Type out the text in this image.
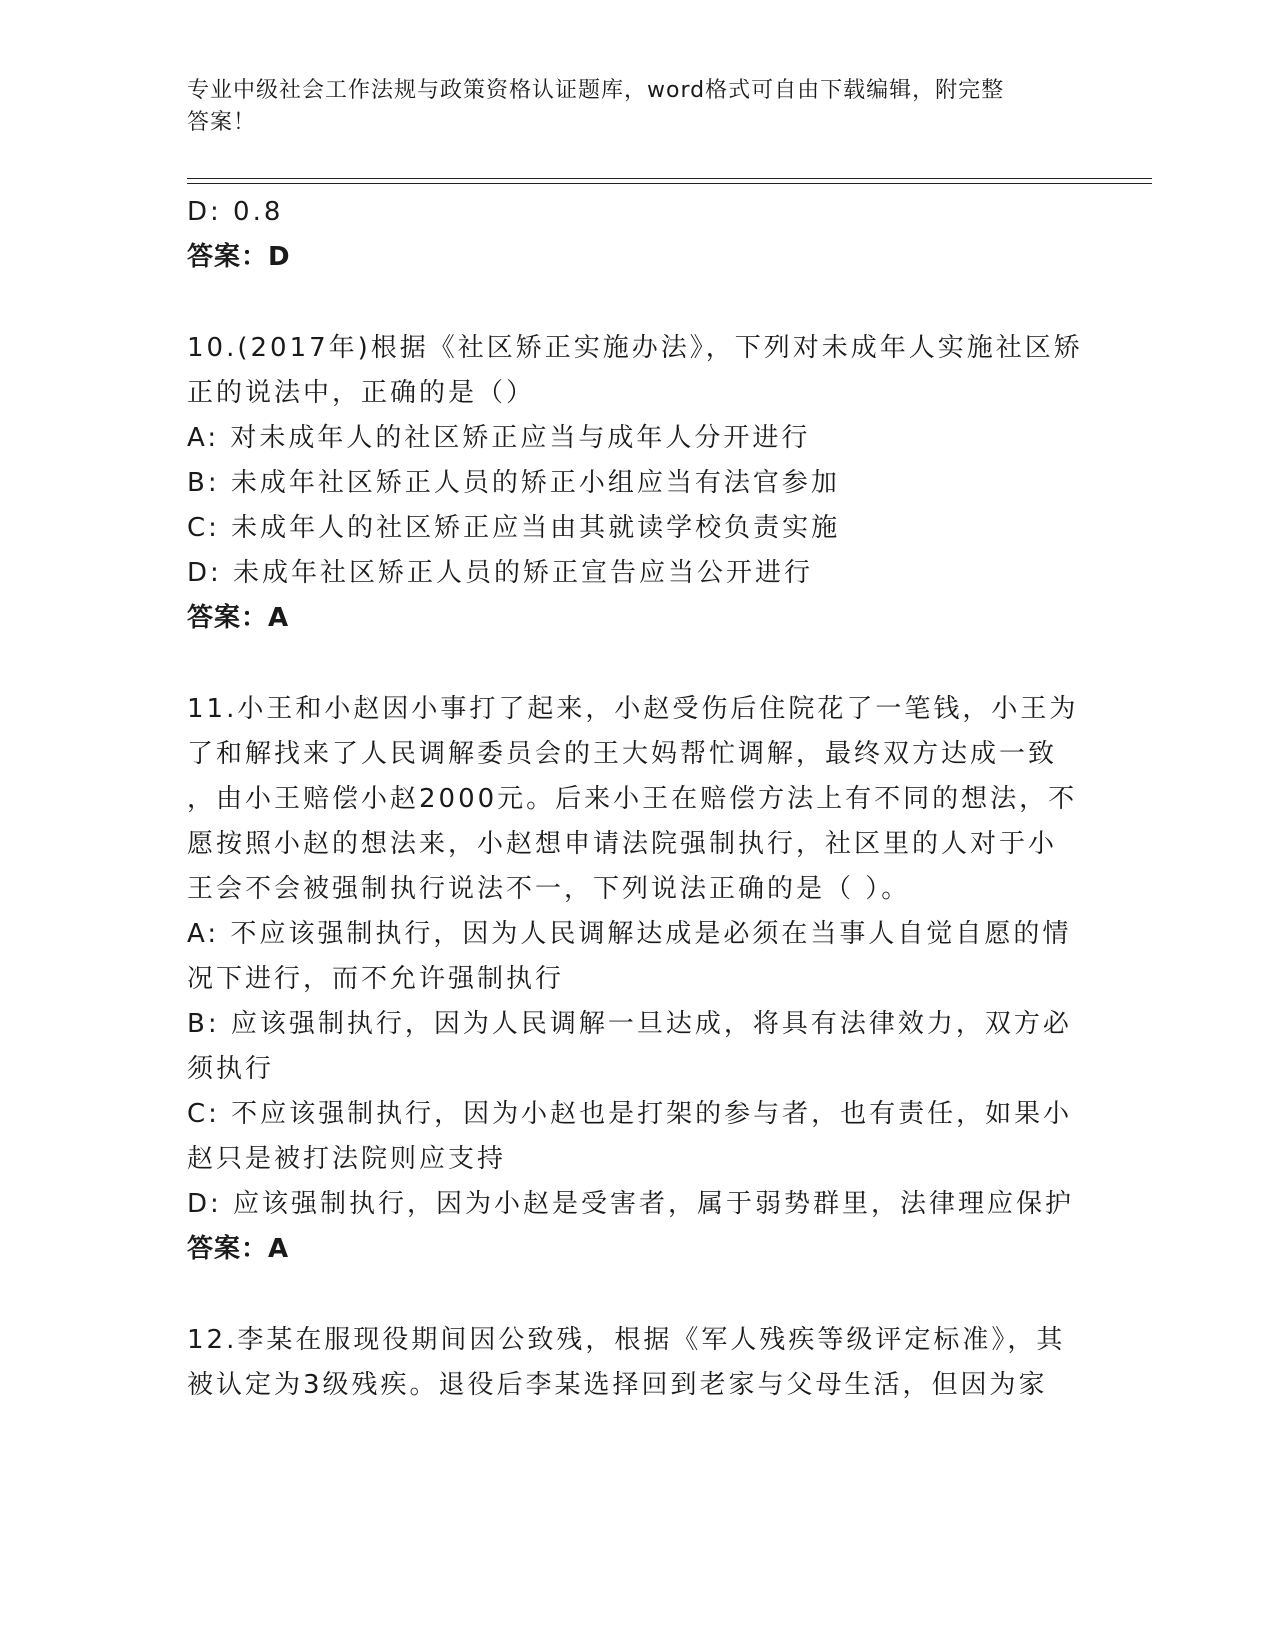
专业中级社会工作法规与政策资格认证题库，word格式可自由下载编辑，附完整
答案！
D: 0.8
答案：D
10.(2017年)根据《社区矫正实施办法》，下列对未成年人实施社区矫
正的说法中，正确的是（）
A: 对未成年人的社区矫正应当与成年人分开进行
B: 未成年社区矫正人员的矫正小组应当有法官参加
C: 未成年人的社区矫正应当由其就读学校负责实施
D: 未成年社区矫正人员的矫正宣告应当公开进行
答案：A
11.小王和小赵因小事打了起来，小赵受伤后住院花了一笔钱，小王为
了和解找来了人民调解委员会的王大妈帮忙调解，最终双方达成一致
，由小王赔偿小赵2000元。后来小王在赔偿方法上有不同的想法，不
愿按照小赵的想法来，小赵想申请法院强制执行，社区里的人对于小
王会不会被强制执行说法不一，下列说法正确的是（ ）。
A: 不应该强制执行，因为人民调解达成是必须在当事人自觉自愿的情
况下进行，而不允许强制执行
B: 应该强制执行，因为人民调解一旦达成，将具有法律效力，双方必
须执行
C: 不应该强制执行，因为小赵也是打架的参与者，也有责任，如果小
赵只是被打法院则应支持
D: 应该强制执行，因为小赵是受害者，属于弱势群里，法律理应保护
答案：A
12.李某在服现役期间因公致残，根据《军人残疾等级评定标准》，其
被认定为3级残疾。退役后李某选择回到老家与父母生活，但因为家
